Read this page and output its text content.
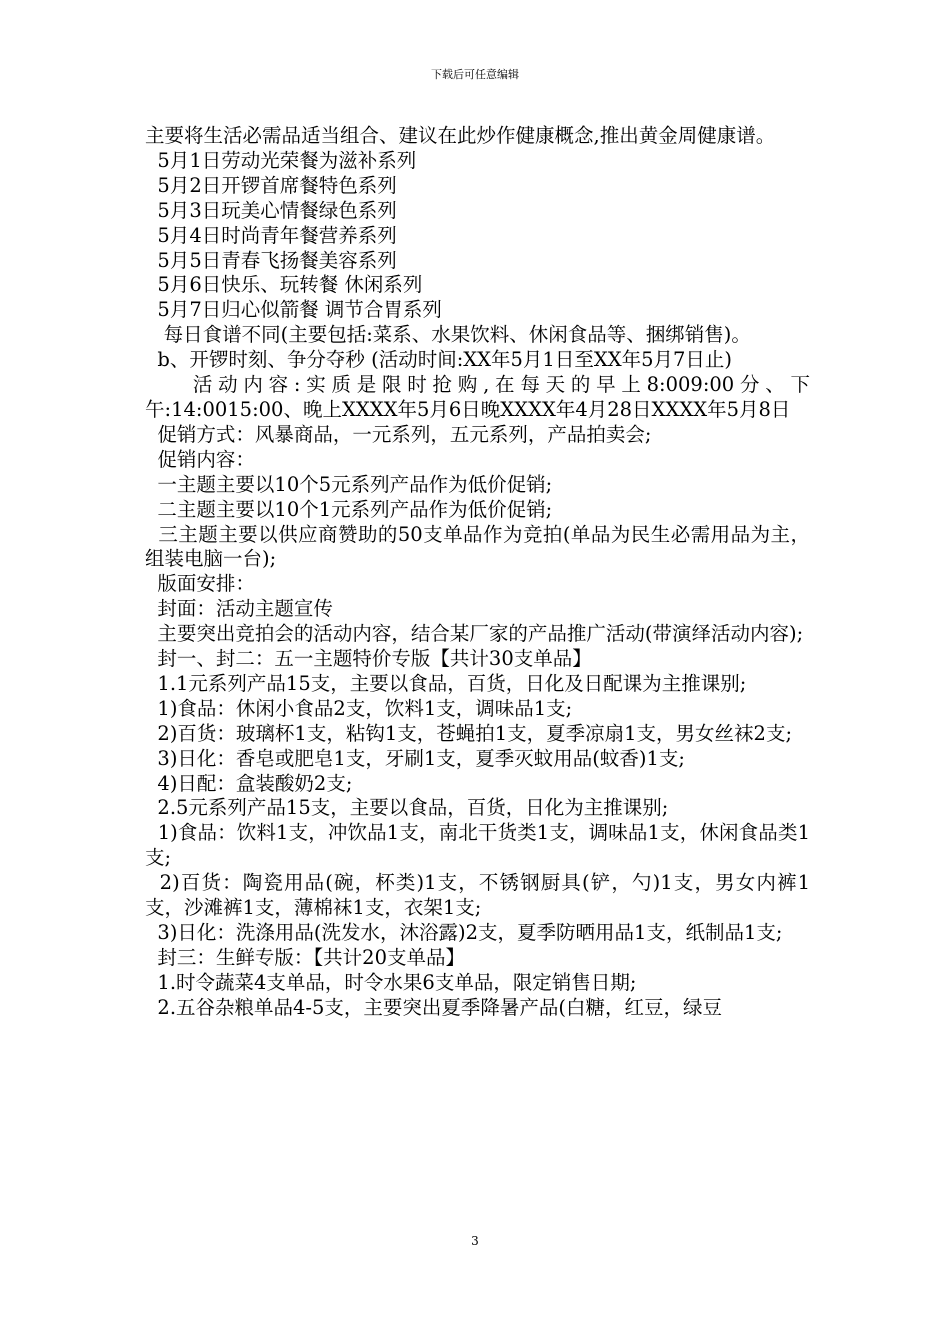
下载后可任意编辑

主要将生活必需品适当组合、建议在此炒作健康概念,推出黄金周健康谱。

5月1日劳动光荣餐为滋补系列

5月2日开锣首席餐特色系列

5月3日玩美心情餐绿色系列

5月4日时尚青年餐营养系列

5月5日青春飞扬餐美容系列

5月6日快乐、玩转餐 休闲系列

5月7日归心似箭餐 调节合胃系列

每日食谱不同(主要包括:菜系、水果饮料、休闲食品等、捆绑销售)。

b、开锣时刻、争分夺秒 (活动时间:XX年5月1日至XX年5月7日止)

活动内容:实质是限时抢购,在每天的早上8:009:00分、下午:14:0015:00、晚上XXXX年5月6日晚XXXX年4月28日XXXX年5月8日

促销方式：风暴商品，一元系列，五元系列，产品拍卖会;

促销内容：

一主题主要以10个5元系列产品作为低价促销;

二主题主要以10个1元系列产品作为低价促销;

三主题主要以供应商赞助的50支单品作为竞拍(单品为民生必需用品为主，组装电脑一台);

版面安排：

封面：活动主题宣传

主要突出竞拍会的活动内容，结合某厂家的产品推广活动(带演绎活动内容);

封一、封二：五一主题特价专版【共计30支单品】

1.1元系列产品15支，主要以食品，百货，日化及日配课为主推课别;

1)食品：休闲小食品2支，饮料1支，调味品1支;

2)百货：玻璃杯1支，粘钩1支，苍蝇拍1支，夏季凉扇1支，男女丝袜2支;

3)日化：香皂或肥皂1支，牙刷1支，夏季灭蚊用品(蚊香)1支;

4)日配：盒装酸奶2支;

2.5元系列产品15支，主要以食品，百货，日化为主推课别;

1)食品：饮料1支，冲饮品1支，南北干货类1支，调味品1支，休闲食品类1支;

2)百货：陶瓷用品(碗，杯类)1支，不锈钢厨具(铲，勺)1支，男女内裤1支，沙滩裤1支，薄棉袜1支，衣架1支;

3)日化：洗涤用品(洗发水，沐浴露)2支，夏季防晒用品1支，纸制品1支;

封三：生鲜专版：【共计20支单品】

1.时令蔬菜4支单品，时令水果6支单品，限定销售日期;

2.五谷杂粮单品4-5支，主要突出夏季降暑产品(白糖，红豆，绿豆

3
